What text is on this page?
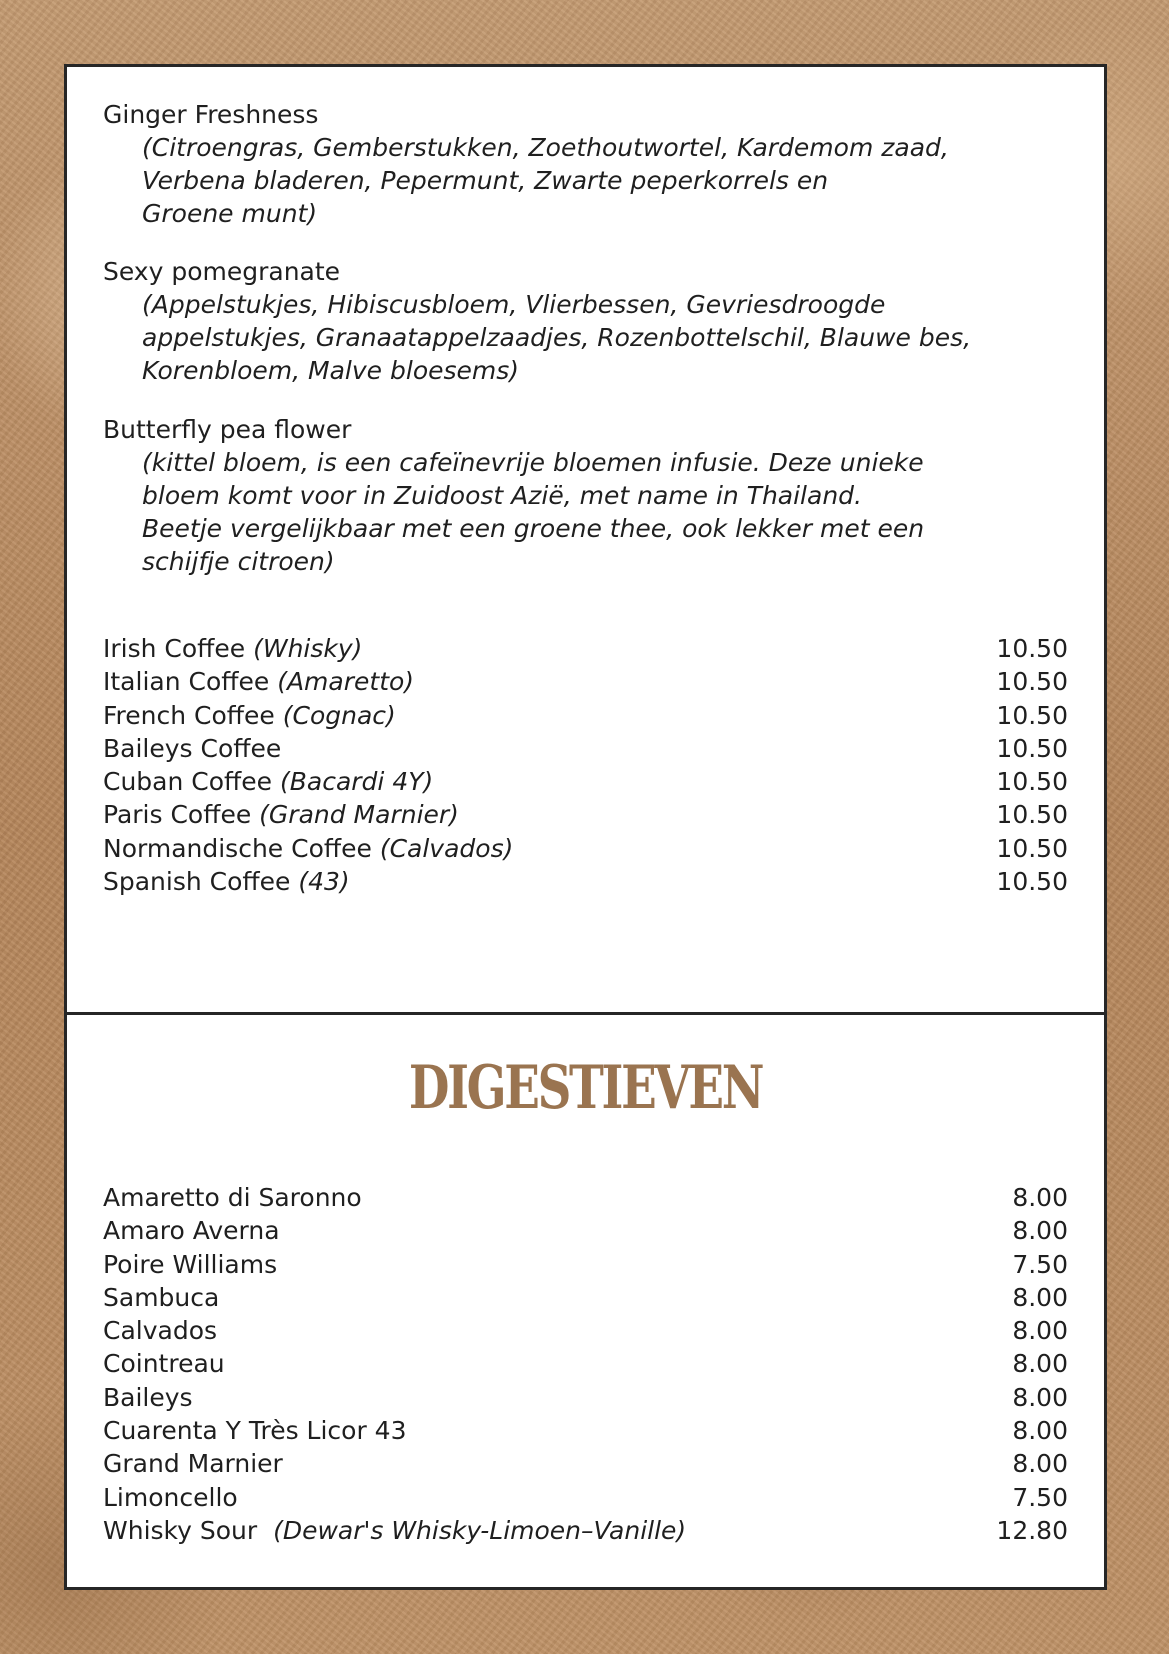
Ginger Freshness
(Citroengras, Gemberstukken, Zoethoutwortel, Kardemom zaad,
Verbena bladeren, Pepermunt, Zwarte peperkorrels en
Groene munt)
Sexy pomegranate
(Appelstukjes, Hibiscusbloem, Vlierbessen, Gevriesdroogde
appelstukjes, Granaatappelzaadjes, Rozenbottelschil, Blauwe bes,
Korenbloem, Malve bloesems)
Butterfly pea flower
(kittel bloem, is een cafeïnevrije bloemen infusie. Deze unieke
bloem komt voor in Zuidoost Azië, met name in Thailand.
Beetje vergelijkbaar met een groene thee, ook lekker met een
schijfje citroen)
Irish Coffee (Whisky)	10.50
Italian Coffee (Amaretto)	10.50
French Coffee (Cognac)	10.50
Baileys Coffee	10.50
Cuban Coffee (Bacardi 4Y)	10.50
Paris Coffee (Grand Marnier)	10.50
Normandische Coffee (Calvados)	10.50
Spanish Coffee (43)	10.50
DIGESTIEVEN
Amaretto di Saronno	8.00
Amaro Averna	8.00
Poire Williams	7.50
Sambuca	8.00
Calvados	8.00
Cointreau	8.00
Baileys	8.00
Cuarenta Y Très Licor 43	8.00
Grand Marnier	8.00
Limoncello	7.50
Whisky Sour (Dewar's Whisky-Limoen–Vanille)	12.80
